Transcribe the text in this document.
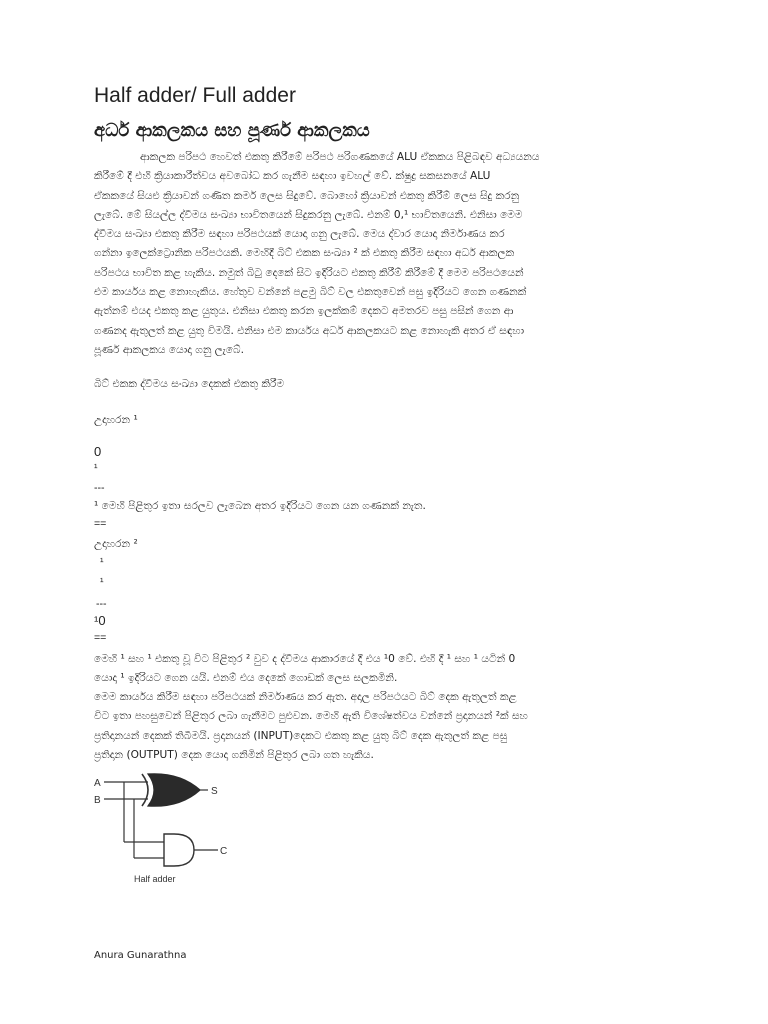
Half adder/ Full adder
අර්ධ ආකලකය සහ පූර්ණ ආකලකය

ආකලක පරිපථ හෙවත් එකතු කිරීමේ පරිපථ පරිගණකයේ ALU ඒකකය පිළිබඳව අධ්‍යයනය

කිරීමේ දී එහි ක්‍රියාකාරීත්වය අවබෝධ කර ගැනීම සඳහා ඉවහල් වේ. ක්ෂුද්‍ර සකසනයේ ALU

ඒකකයේ සියළු ක්‍රියාවන් ගණිත කර්ම ලෙස සිදුවේ. බොහෝ ක්‍රියාවන් එකතු කිරීම් ලෙස සිදු කරනු

ලැබේ. මේ සියල්ල ද්වීමය සංඛ්‍යා භාවිතයෙන් සිදුකරනු ලැබේ. එනම් 0,¹ භාවිතයෙනි. එනිසා මෙම

ද්වීමය සංඛ්‍යා එකතු කිරීම සඳහා පරිපථයක් යොදා ගනු ලැබේ. මෙය ද්වාර යොදා නිර්මාණය කර

ගන්නා ඉලෙක්ට්‍රොනික පරිපථයකි. මෙහිදී බිට් එකක සංඛ්‍යා ² ක් එකතු කිරීම සඳහා අර්ධ ආකලක

පරිපථය භාවිත කළ හැකිය. නමුත් බිටු දෙකේ සිට ඉදිරියට එකතු කිරීම් කිරීමේ දී මෙම පරිපථයෙන්

එම කාර්යය කළ නොහැකිය. හේතුව වන්නේ පළමු බිට් වල එකතුවෙන් පසු ඉදිරියට ගෙන ගණනක්

ඇත්නම් එයද එකතු කළ යුතුය. එනිසා එකතු කරන ඉලක්කම් දෙකට අමතරව පසු පසින් ගෙන ආ

ගණනද ඇතුලත් කළ යුතු විමයි. එනිසා එම කාර්යය අර්ධ ආකලකයට කළ නොහැකි අතර ඒ සඳහා

පූර්ණ ආකලකය යොදා ගනු ලැබේ.

බිට් එකක ද්වීමය සංඛ්‍යා දෙකක් එකතු කිරීම
උදාහරන ¹
0
¹
---
¹ මෙහි පිළිතුර ඉතා සරලව ලැබෙන අතර ඉදිරියට ගෙන යන ගණනක් නැත.
==
උදාහරන ²
¹
¹
---
¹0
==

මෙහි ¹ සහ ¹ එකතු වූ විට පිළිතුර ² වුව ද ද්වීමය ආකාරයේ දී එය ¹0 වේ. එහි දී ¹ සහ ¹ යටින් 0

යොදා ¹ ඉදිරියට ගෙන යයි. එනම් එය දෙකේ ගොඩක් ලෙස සලකමිනි.

මෙම කාර්යය කිරීම සඳහා පරිපථයක් නිර්මාණය කර ඇත. අදාල පරිපථයට බිට් දෙක ඇතුලත් කළ

විට ඉතා පහසුවෙන් පිළිතුර ලබා ගැනීමට පුළුවන. මෙහි ඇති විශේෂත්වය වන්නේ ප්‍රදානයන් ²ක් සහ

ප්‍රතිදානයන් දෙකක් තිබීමයි. ප්‍රදානයන් (INPUT)දෙකට එකතු කළ යුතු බිට් දෙක ඇතුලත් කළ පසු

ප්‍රතිදාන (OUTPUT) දෙක යොදා ගනිමින් පිළිතුර ලබා ගත හැකිය.

A
B
S
C
Half adder
Anura Gunarathna
